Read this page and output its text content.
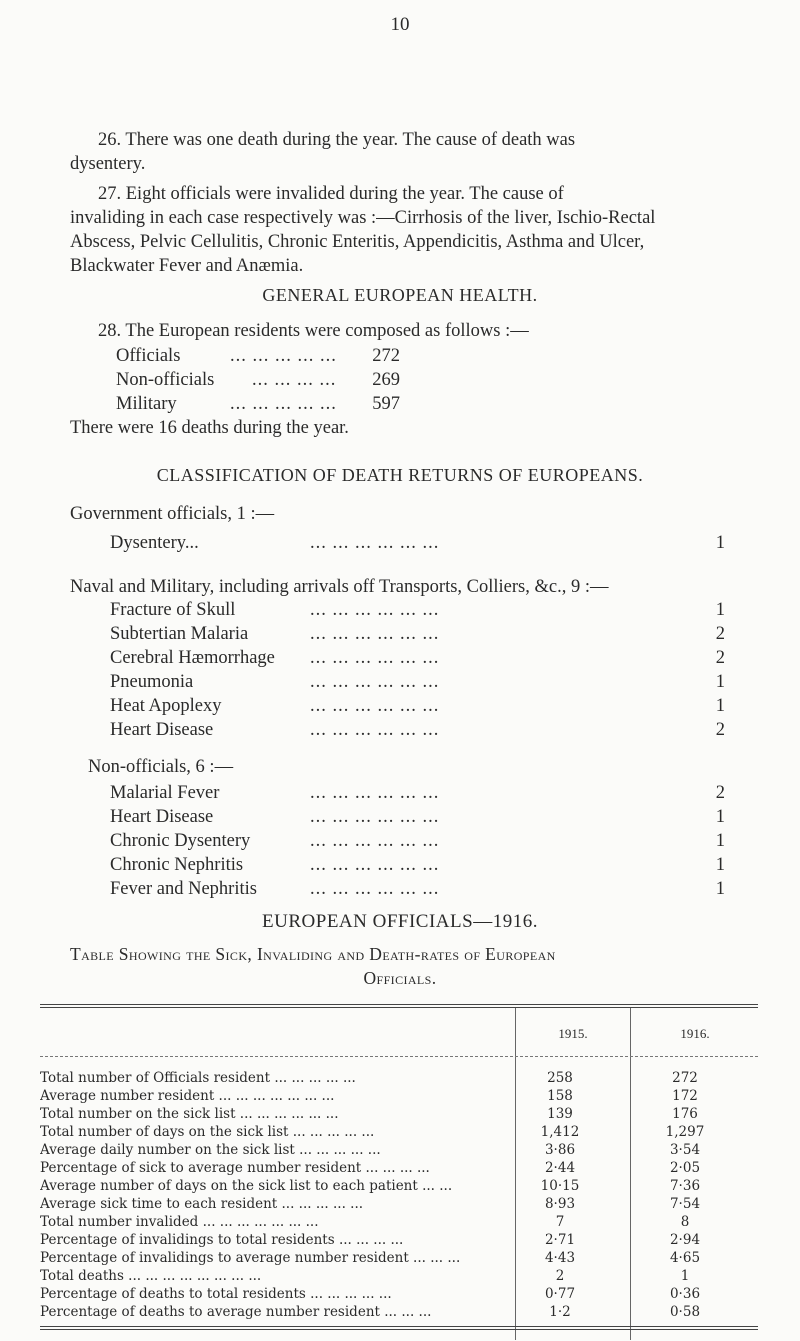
10
26. There was one death during the year. The cause of death was
dysentery.
27. Eight officials were invalided during the year. The cause of
invaliding in each case respectively was :—Cirrhosis of the liver, Ischio-Rectal
Abscess, Pelvic Cellulitis, Chronic Enteritis, Appendicitis, Asthma and Ulcer,
Blackwater Fever and Anæmia.
GENERAL EUROPEAN HEALTH.
28. The European residents were composed as follows :—
Officials	... ... ... ... ... 272
Non-officials ... ... ... ... 269
Military	... ... ... ... ... 597
There were 16 deaths during the year.
CLASSIFICATION OF DEATH RETURNS OF EUROPEANS.
Government officials, 1 :—
Dysentery...	... ... ... ... ... ...	1
Naval and Military, including arrivals off Transports, Colliers, &c., 9 :—
Fracture of Skull	... ... ... ... ... ...	1
Subtertian Malaria	... ... ... ... ... ...	2
Cerebral Hæmorrhage ... ... ... ... ... ...	2
Pneumonia	... ... ... ... ... ...	1
Heat Apoplexy	... ... ... ... ... ...	1
Heart Disease	... ... ... ... ... ...	2
Non-officials, 6 :—
Malarial Fever	... ... ... ... ... ...	2
Heart Disease	... ... ... ... ... ...	1
Chronic Dysentery	... ... ... ... ... ...	1
Chronic Nephritis	... ... ... ... ... ...	1
Fever and Nephritis	... ... ... ... ... ...	1
EUROPEAN OFFICIALS—1916.
Table Showing the Sick, Invaliding and Death-rates of European
Officials.
1915.	1916.
Total number of Officials resident ... ... ... ... ...	258	272
Average number resident ... ... ... ... ... ... ...	158	172
Total number on the sick list ... ... ... ... ... ...	139	176
Total number of days on the sick list ... ... ... ... ...	1,412	1,297
Average daily number on the sick list ... ... ... ... ...	3·86	3·54
Percentage of sick to average number resident ... ... ... ...	2·44	2·05
Average number of days on the sick list to each patient ... ...	10·15	7·36
Average sick time to each resident ... ... ... ... ...	8·93	7·54
Total number invalided ... ... ... ... ... ... ...	7	8
Percentage of invalidings to total residents ... ... ... ...	2·71	2·94
Percentage of invalidings to average number resident ... ... ...	4·43	4·65
Total deaths ... ... ... ... ... ... ... ...	2	1
Percentage of deaths to total residents ... ... ... ... ...	0·77	0·36
Percentage of deaths to average number resident ... ... ...	1·2	0·58
